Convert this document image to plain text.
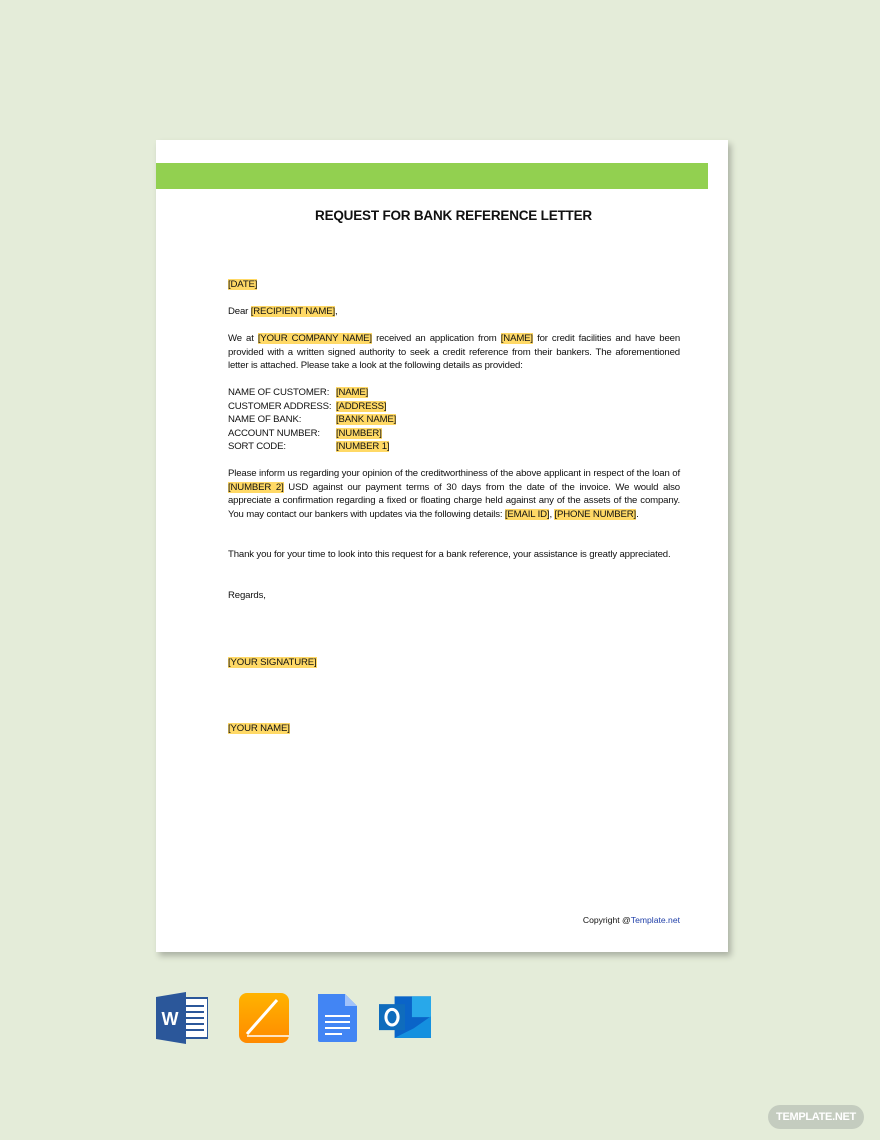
REQUEST FOR BANK REFERENCE LETTER
[DATE]
Dear [RECIPIENT NAME],
We at [YOUR COMPANY NAME] received an application from [NAME] for credit facilities and have been provided with a written signed authority to seek a credit reference from their bankers. The aforementioned letter is attached. Please take a look at the following details as provided:
NAME OF CUSTOMER: [NAME]
CUSTOMER ADDRESS: [ADDRESS]
NAME OF BANK:	[BANK NAME]
ACCOUNT NUMBER:	[NUMBER]
SORT CODE:	[NUMBER 1]
Please inform us regarding your opinion of the creditworthiness of the above applicant in respect of the loan of [NUMBER 2] USD against our payment terms of 30 days from the date of the invoice. We would also appreciate a confirmation regarding a fixed or floating charge held against any of the assets of the company. You may contact our bankers with updates via the following details: [EMAIL ID], [PHONE NUMBER].
Thank you for your time to look into this request for a bank reference, your assistance is greatly appreciated.
Regards,
[YOUR SIGNATURE]
[YOUR NAME]
Copyright @Template.net
W
TEMPLATE.NET
